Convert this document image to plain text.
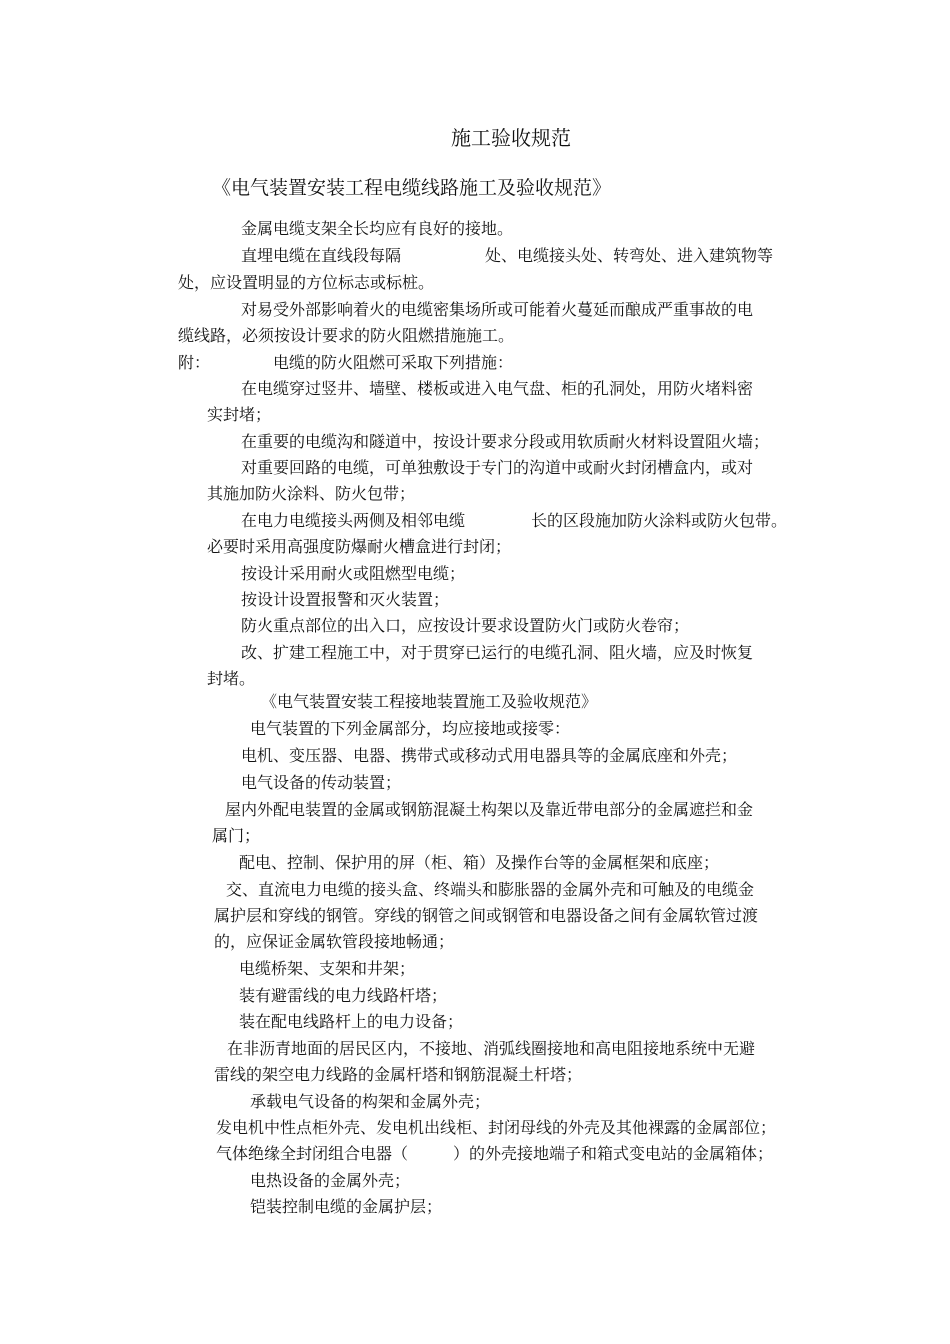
施工验收规范
《电气装置安装工程电缆线路施工及验收规范》
金属电缆支架全长均应有良好的接地。
直埋电缆在直线段每隔	处、电缆接头处、转弯处、进入建筑物等
处，应设置明显的方位标志或标桩。
对易受外部影响着火的电缆密集场所或可能着火蔓延而酿成严重事故的电
缆线路，必须按设计要求的防火阻燃措施施工。
附：	电缆的防火阻燃可采取下列措施：
在电缆穿过竖井、墙壁、楼板或进入电气盘、柜的孔洞处，用防火堵料密
实封堵；
在重要的电缆沟和隧道中，按设计要求分段或用软质耐火材料设置阻火墙；
对重要回路的电缆，可单独敷设于专门的沟道中或耐火封闭槽盒内，或对
其施加防火涂料、防火包带；
在电力电缆接头两侧及相邻电缆	长的区段施加防火涂料或防火包带。
必要时采用高强度防爆耐火槽盒进行封闭；
按设计采用耐火或阻燃型电缆；
按设计设置报警和灭火装置；
防火重点部位的出入口，应按设计要求设置防火门或防火卷帘；
改、扩建工程施工中，对于贯穿已运行的电缆孔洞、阻火墙，应及时恢复
封堵。
《电气装置安装工程接地装置施工及验收规范》
电气装置的下列金属部分，均应接地或接零：
电机、变压器、电器、携带式或移动式用电器具等的金属底座和外壳；
电气设备的传动装置；
屋内外配电装置的金属或钢筋混凝土构架以及靠近带电部分的金属遮拦和金
属门；
配电、控制、保护用的屏（柜、箱）及操作台等的金属框架和底座；
交、直流电力电缆的接头盒、终端头和膨胀器的金属外壳和可触及的电缆金
属护层和穿线的钢管。穿线的钢管之间或钢管和电器设备之间有金属软管过渡
的，应保证金属软管段接地畅通；
电缆桥架、支架和井架；
装有避雷线的电力线路杆塔；
装在配电线路杆上的电力设备；
在非沥青地面的居民区内，不接地、消弧线圈接地和高电阻接地系统中无避
雷线的架空电力线路的金属杆塔和钢筋混凝土杆塔；
承载电气设备的构架和金属外壳；
发电机中性点柜外壳、发电机出线柜、封闭母线的外壳及其他裸露的金属部位；
气体绝缘全封闭组合电器（	）的外壳接地端子和箱式变电站的金属箱体；
电热设备的金属外壳；
铠装控制电缆的金属护层；
